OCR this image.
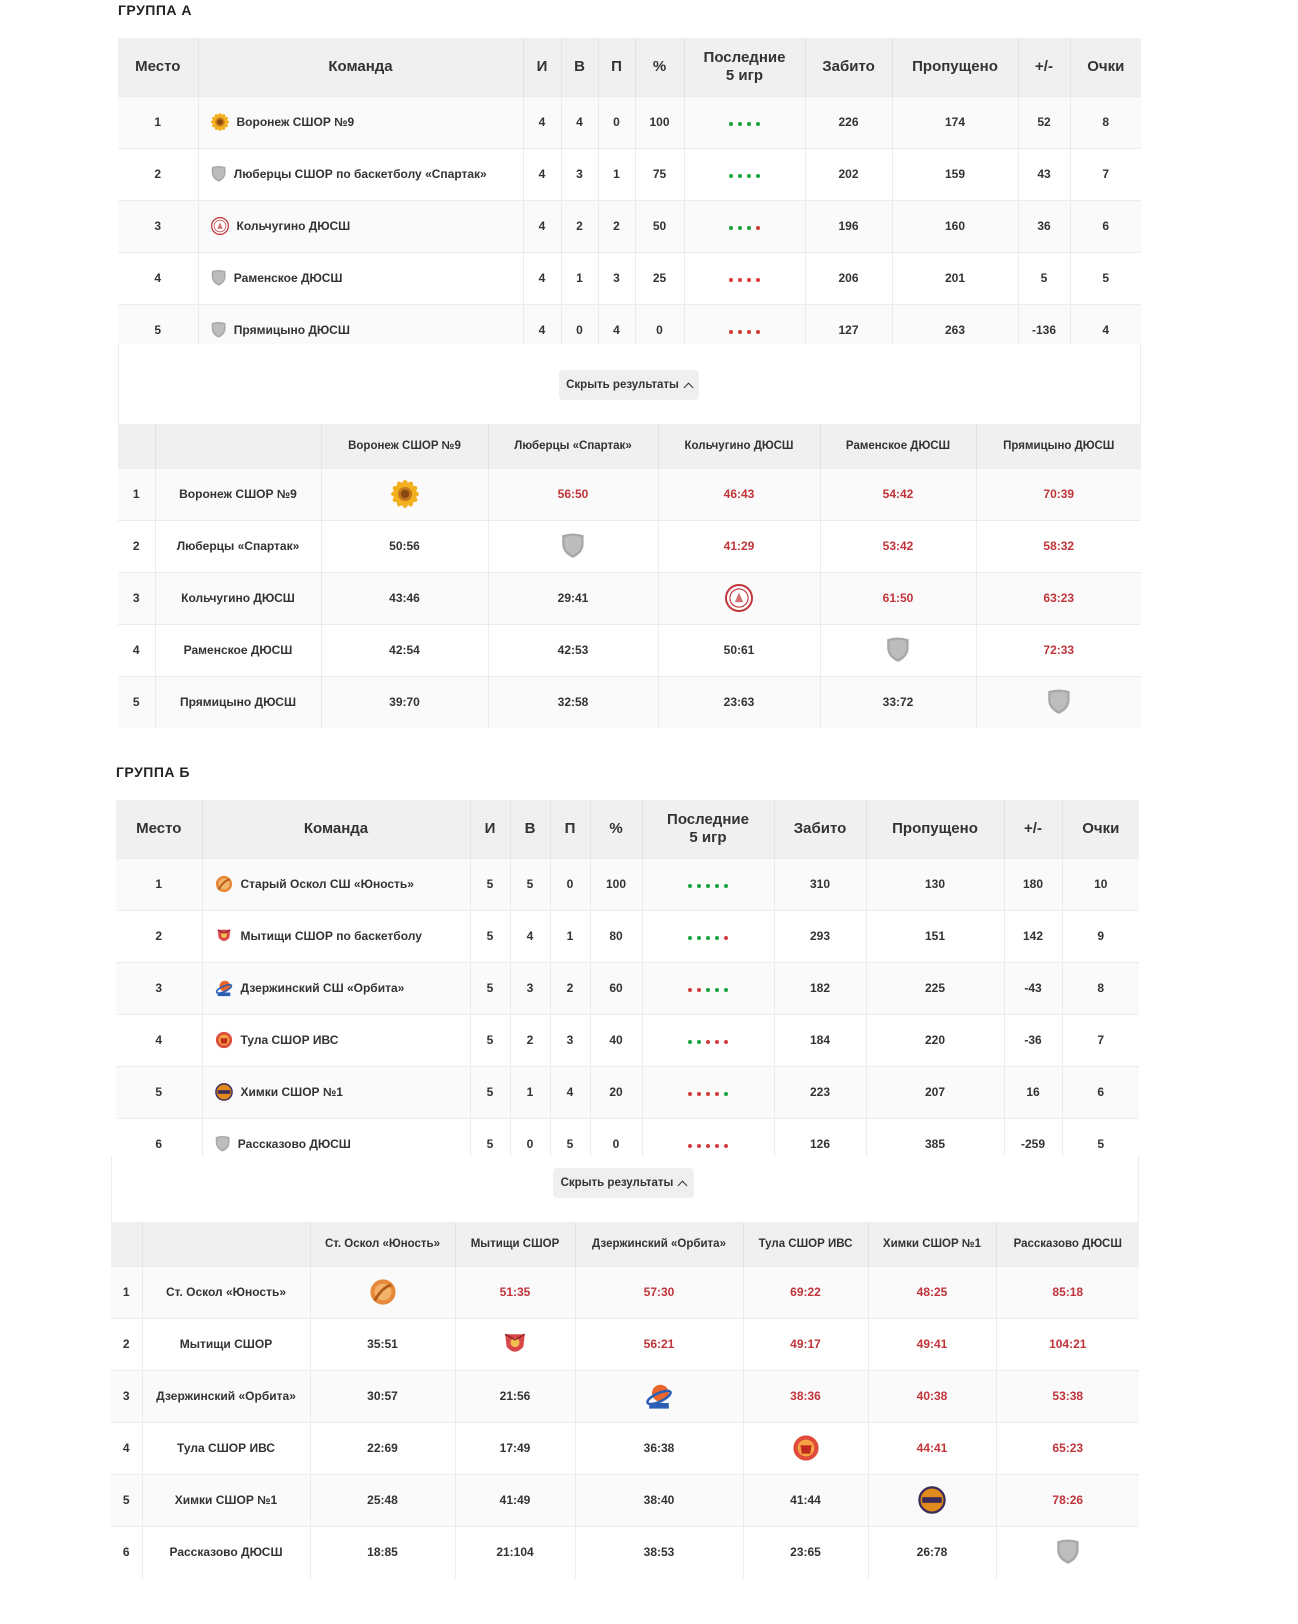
ГРУППА А
Место	Команда	И	В	П	%	Последние
5 игр	Забито	Пропущено	+/-	Очки
1	Воронеж СШОР №9	4	4	0	100		226	174	52	8
2	Люберцы СШОР по баскетболу «Спартак»	4	3	1	75		202	159	43	7
3	Кольчугино ДЮСШ	4	2	2	50		196	160	36	6
4	Раменское ДЮСШ	4	1	3	25		206	201	5	5
5	Прямицыно ДЮСШ	4	0	4	0		127	263	-136	4
Скрыть результаты
		Воронеж СШОР №9	Люберцы «Спартак»	Кольчугино ДЮСШ	Раменское ДЮСШ	Прямицыно ДЮСШ
1	Воронеж СШОР №9		56:50	46:43	54:42	70:39
2	Люберцы «Спартак»	50:56		41:29	53:42	58:32
3	Кольчугино ДЮСШ	43:46	29:41		61:50	63:23
4	Раменское ДЮСШ	42:54	42:53	50:61		72:33
5	Прямицыно ДЮСШ	39:70	32:58	23:63	33:72	
ГРУППА Б
Место	Команда	И	В	П	%	Последние
5 игр	Забито	Пропущено	+/-	Очки
1	Старый Оскол СШ «Юность»	5	5	0	100		310	130	180	10
2	Мытищи СШОР по баскетболу	5	4	1	80		293	151	142	9
3	Дзержинский СШ «Орбита»	5	3	2	60		182	225	-43	8
4	Тула СШОР ИВС	5	2	3	40		184	220	-36	7
5	Химки СШОР №1	5	1	4	20		223	207	16	6
6	Рассказово ДЮСШ	5	0	5	0		126	385	-259	5
Скрыть результаты
		Ст. Оскол «Юность»	Мытищи СШОР	Дзержинский «Орбита»	Тула СШОР ИВС	Химки СШОР №1	Рассказово ДЮСШ
1	Ст. Оскол «Юность»		51:35	57:30	69:22	48:25	85:18
2	Мытищи СШОР	35:51		56:21	49:17	49:41	104:21
3	Дзержинский «Орбита»	30:57	21:56		38:36	40:38	53:38
4	Тула СШОР ИВС	22:69	17:49	36:38		44:41	65:23
5	Химки СШОР №1	25:48	41:49	38:40	41:44		78:26
6	Рассказово ДЮСШ	18:85	21:104	38:53	23:65	26:78	
